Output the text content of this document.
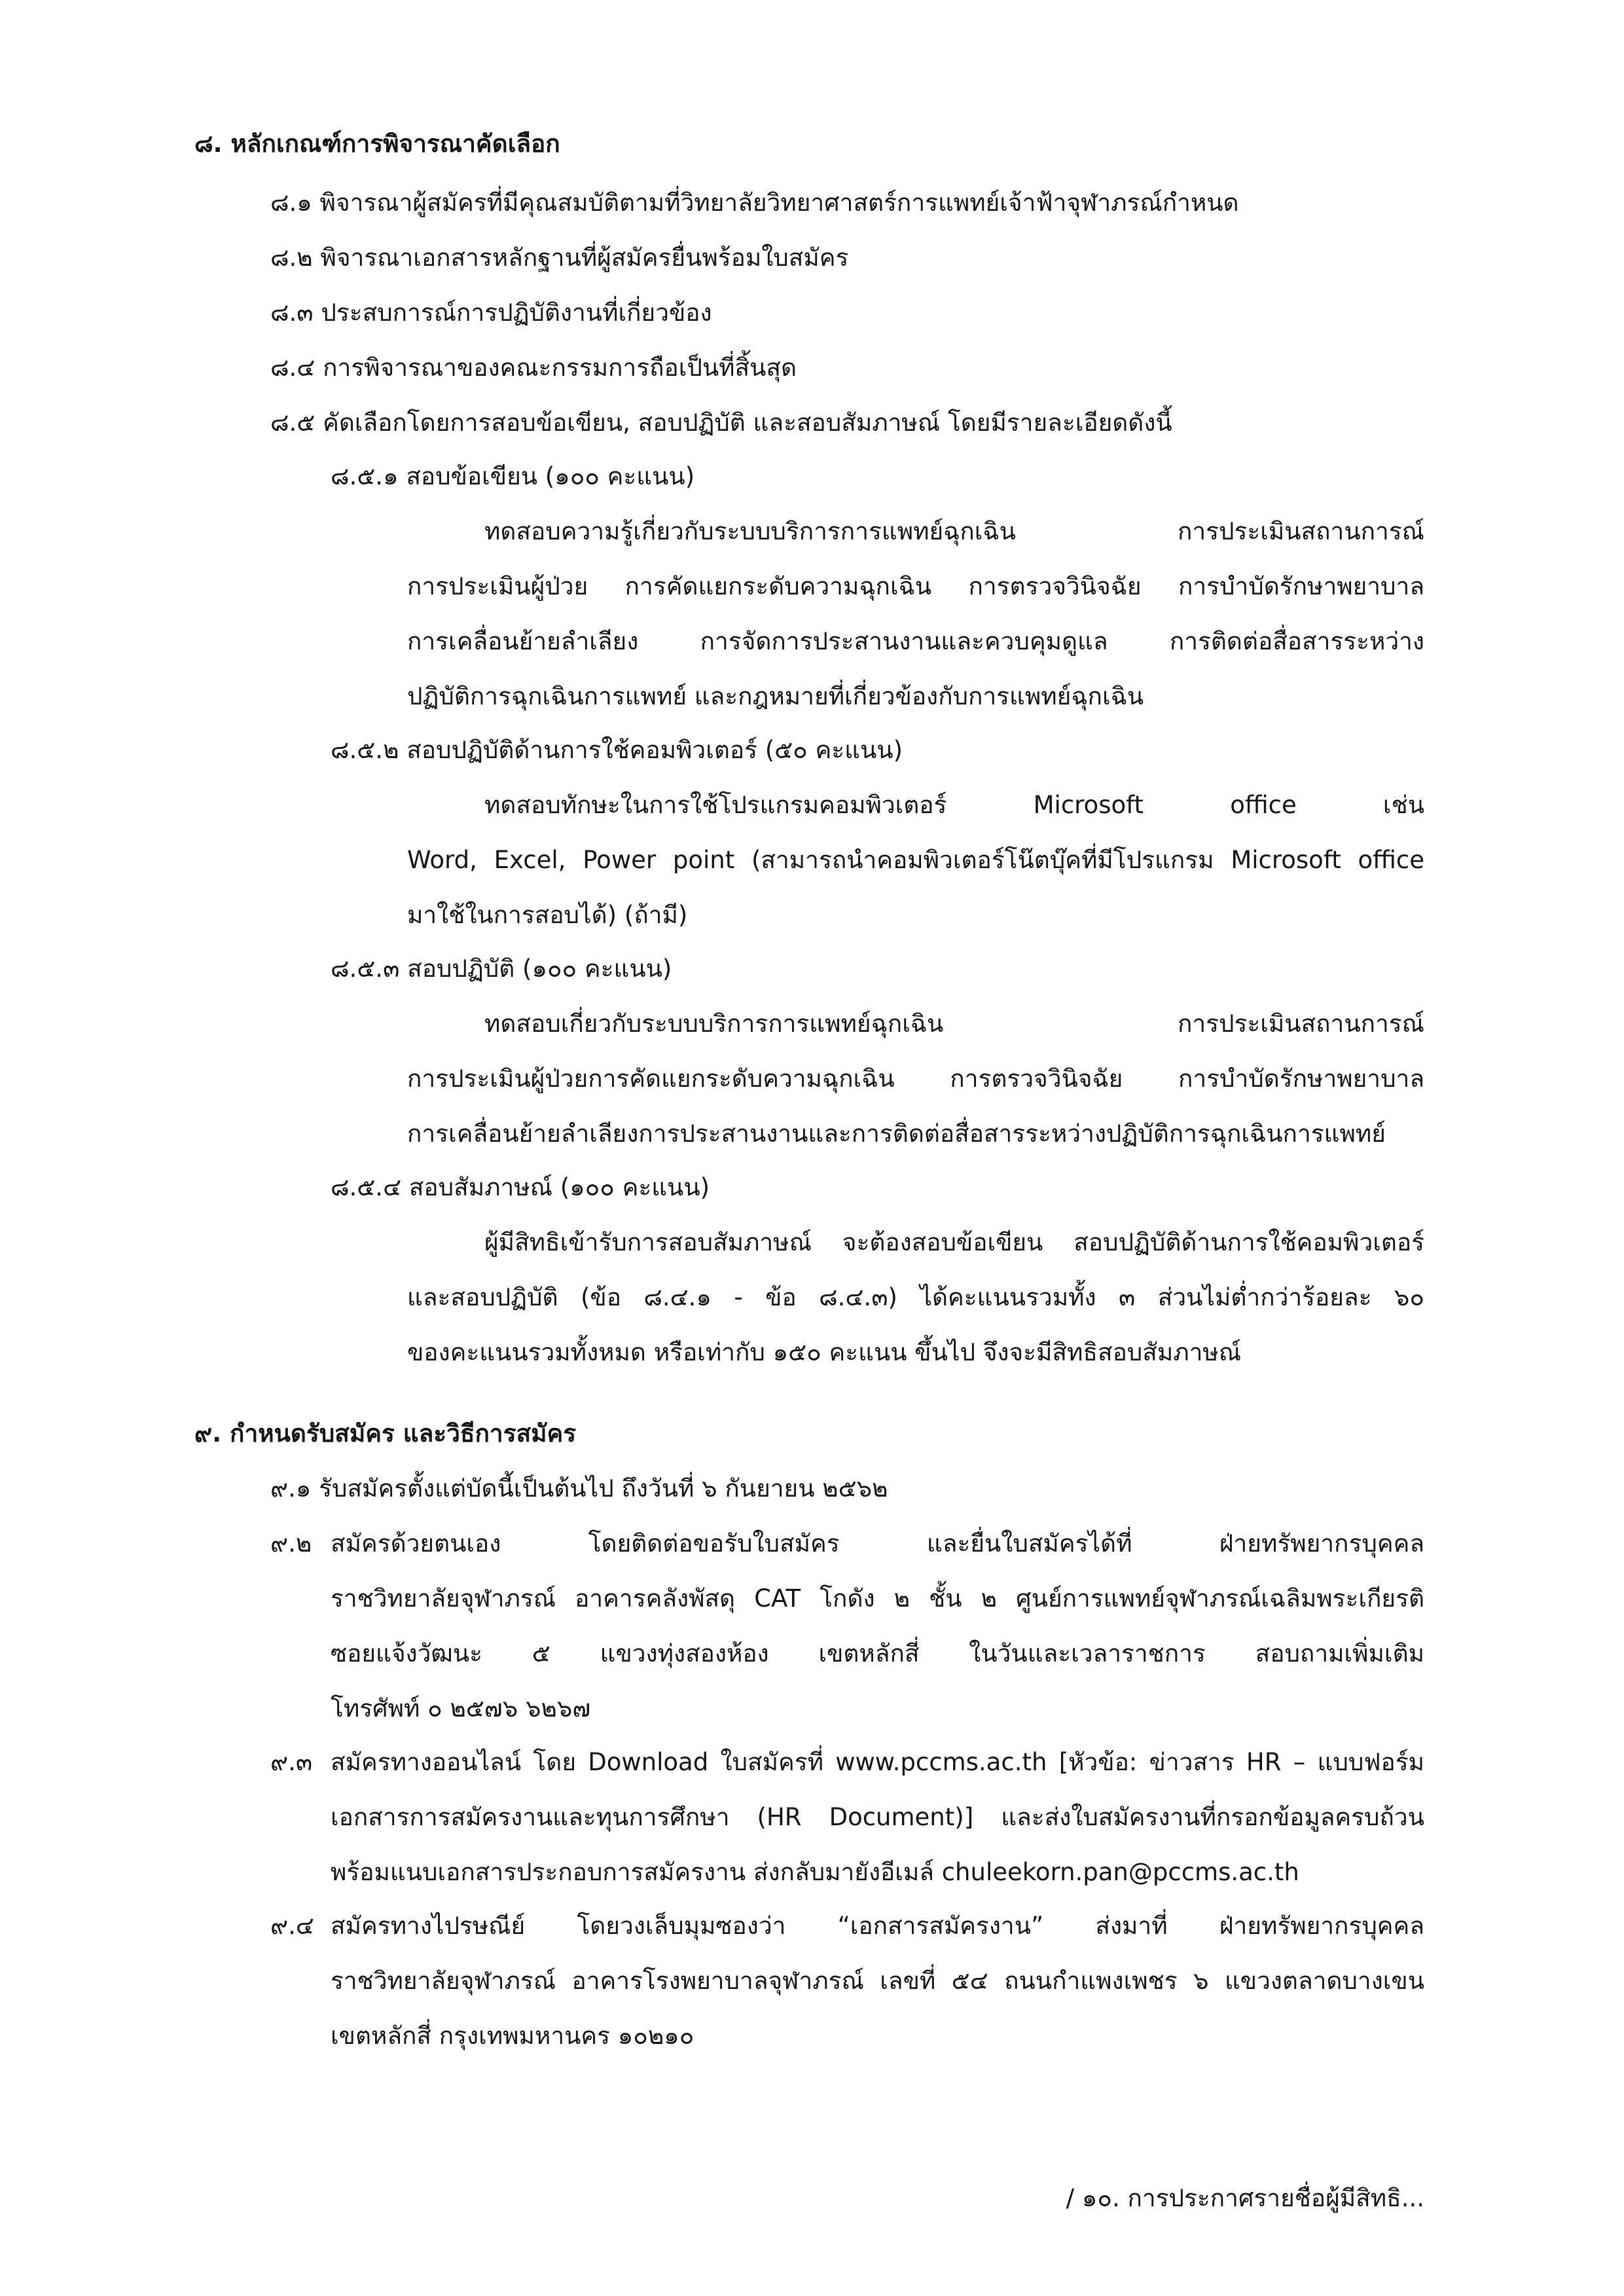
๘. หลักเกณฑ์การพิจารณาคัดเลือก
๘.๑ พิจารณาผู้สมัครที่มีคุณสมบัติตามที่วิทยาลัยวิทยาศาสตร์การแพทย์เจ้าฟ้าจุฬาภรณ์กำหนด
๘.๒ พิจารณาเอกสารหลักฐานที่ผู้สมัครยื่นพร้อมใบสมัคร
๘.๓ ประสบการณ์การปฏิบัติงานที่เกี่ยวข้อง
๘.๔ การพิจารณาของคณะกรรมการถือเป็นที่สิ้นสุด
๘.๕ คัดเลือกโดยการสอบข้อเขียน, สอบปฏิบัติ และสอบสัมภาษณ์ โดยมีรายละเอียดดังนี้
๘.๕.๑ สอบข้อเขียน (๑๐๐ คะแนน)
ทดสอบความรู้เกี่ยวกับระบบบริการการแพทย์ฉุกเฉิน การประเมินสถานการณ์
การประเมินผู้ป่วย การคัดแยกระดับความฉุกเฉิน การตรวจวินิจฉัย การบำบัดรักษาพยาบาล
การเคลื่อนย้ายลำเลียง การจัดการประสานงานและควบคุมดูแล การติดต่อสื่อสารระหว่าง
ปฏิบัติการฉุกเฉินการแพทย์ และกฎหมายที่เกี่ยวข้องกับการแพทย์ฉุกเฉิน
๘.๕.๒ สอบปฏิบัติด้านการใช้คอมพิวเตอร์ (๕๐ คะแนน)
ทดสอบทักษะในการใช้โปรแกรมคอมพิวเตอร์ Microsoft office เช่น
Word, Excel, Power point (สามารถนำคอมพิวเตอร์โน๊ตบุ๊คที่มีโปรแกรม Microsoft office
มาใช้ในการสอบได้) (ถ้ามี)
๘.๕.๓ สอบปฏิบัติ (๑๐๐ คะแนน)
ทดสอบเกี่ยวกับระบบบริการการแพทย์ฉุกเฉิน การประเมินสถานการณ์
การประเมินผู้ป่วยการคัดแยกระดับความฉุกเฉิน การตรวจวินิจฉัย การบำบัดรักษาพยาบาล
การเคลื่อนย้ายลำเลียงการประสานงานและการติดต่อสื่อสารระหว่างปฏิบัติการฉุกเฉินการแพทย์
๘.๕.๔ สอบสัมภาษณ์ (๑๐๐ คะแนน)
ผู้มีสิทธิเข้ารับการสอบสัมภาษณ์ จะต้องสอบข้อเขียน สอบปฏิบัติด้านการใช้คอมพิวเตอร์
และสอบปฏิบัติ (ข้อ ๘.๔.๑ - ข้อ ๘.๔.๓) ได้คะแนนรวมทั้ง ๓ ส่วนไม่ต่ำกว่าร้อยละ ๖๐
ของคะแนนรวมทั้งหมด หรือเท่ากับ ๑๕๐ คะแนน ขึ้นไป จึงจะมีสิทธิสอบสัมภาษณ์
๙. กำหนดรับสมัคร และวิธีการสมัคร
๙.๑ รับสมัครตั้งแต่บัดนี้เป็นต้นไป ถึงวันที่ ๖ กันยายน ๒๕๖๒
๙.๒ สมัครด้วยตนเอง โดยติดต่อขอรับใบสมัคร และยื่นใบสมัครได้ที่ ฝ่ายทรัพยากรบุคคล
ราชวิทยาลัยจุฬาภรณ์ อาคารคลังพัสดุ CAT โกดัง ๒ ชั้น ๒ ศูนย์การแพทย์จุฬาภรณ์เฉลิมพระเกียรติ
ซอยแจ้งวัฒนะ ๕ แขวงทุ่งสองห้อง เขตหลักสี่ ในวันและเวลาราชการ สอบถามเพิ่มเติม
โทรศัพท์ ๐ ๒๕๗๖ ๖๒๖๗
๙.๓ สมัครทางออนไลน์ โดย Download ใบสมัครที่ www.pccms.ac.th [หัวข้อ: ข่าวสาร HR – แบบฟอร์ม
เอกสารการสมัครงานและทุนการศึกษา (HR Document)] และส่งใบสมัครงานที่กรอกข้อมูลครบถ้วน
พร้อมแนบเอกสารประกอบการสมัครงาน ส่งกลับมายังอีเมล์ chuleekorn.pan@pccms.ac.th
๙.๔ สมัครทางไปรษณีย์ โดยวงเล็บมุมซองว่า “เอกสารสมัครงาน” ส่งมาที่ ฝ่ายทรัพยากรบุคคล
ราชวิทยาลัยจุฬาภรณ์ อาคารโรงพยาบาลจุฬาภรณ์ เลขที่ ๕๔ ถนนกำแพงเพชร ๖ แขวงตลาดบางเขน
เขตหลักสี่ กรุงเทพมหานคร ๑๐๒๑๐
/ ๑๐. การประกาศรายชื่อผู้มีสิทธิ...
